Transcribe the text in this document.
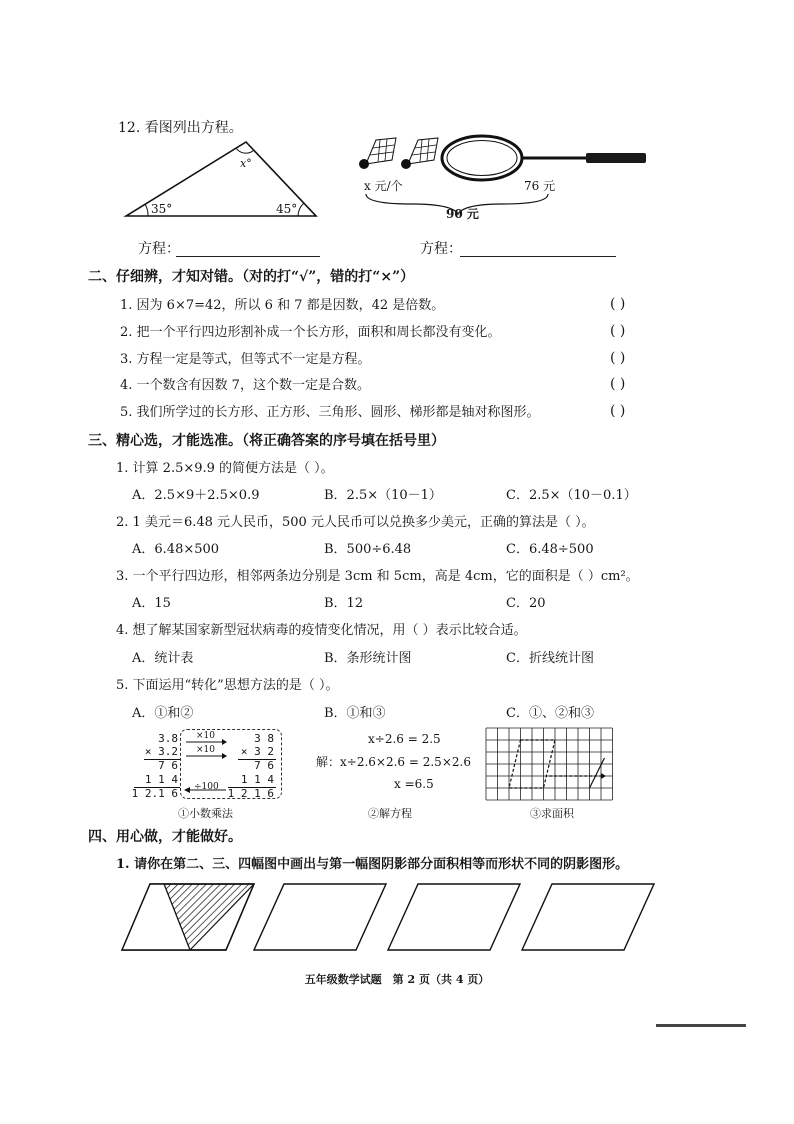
12. 看图列出方程。
x°
35°	45°
x 元/个	76 元
90 元
方程：	方程：
二、仔细辨，才知对错。（对的打“√”，错的打“×”）
1. 因为 6×7=42，所以 6 和 7 都是因数，42 是倍数。	( )
2. 把一个平行四边形割补成一个长方形，面积和周长都没有变化。	( )
3. 方程一定是等式，但等式不一定是方程。	( )
4. 一个数含有因数 7，这个数一定是合数。	( )
5. 我们所学过的长方形、正方形、三角形、圆形、梯形都是轴对称图形。	( )
三、精心选，才能选准。（将正确答案的序号填在括号里）
1. 计算 2.5×9.9 的简便方法是（ ）。
A．2.5×9＋2.5×0.9	B．2.5×（10－1）	C．2.5×（10－0.1）
2. 1 美元＝6.48 元人民币，500 元人民币可以兑换多少美元，正确的算法是（ ）。
A．6.48×500	B．500÷6.48	C．6.48÷500
3. 一个平行四边形，相邻两条边分别是 3cm 和 5cm，高是 4cm，它的面积是（ ）cm²。
A．15	B．12	C．20
4. 想了解某国家新型冠状病毒的疫情变化情况，用（ ）表示比较合适。
A．统计表	B．条形统计图	C．折线统计图
5. 下面运用“转化”思想方法的是（ ）。
A．①和②	B．①和③	C．①、②和③
3.8
× 3.2
7 6
1 1 4
1 2.1 6
×10
×10
÷100
3 8
× 3 2
7 6
1 1 4
1 2 1 6
①小数乘法
x÷2.6 = 2.5
解：x÷2.6×2.6 = 2.5×2.6
x =6.5
②解方程	③求面积
四、用心做，才能做好。
1. 请你在第二、三、四幅图中画出与第一幅图阴影部分面积相等而形状不同的阴影图形。
五年级数学试题　第 2 页（共 4 页）
